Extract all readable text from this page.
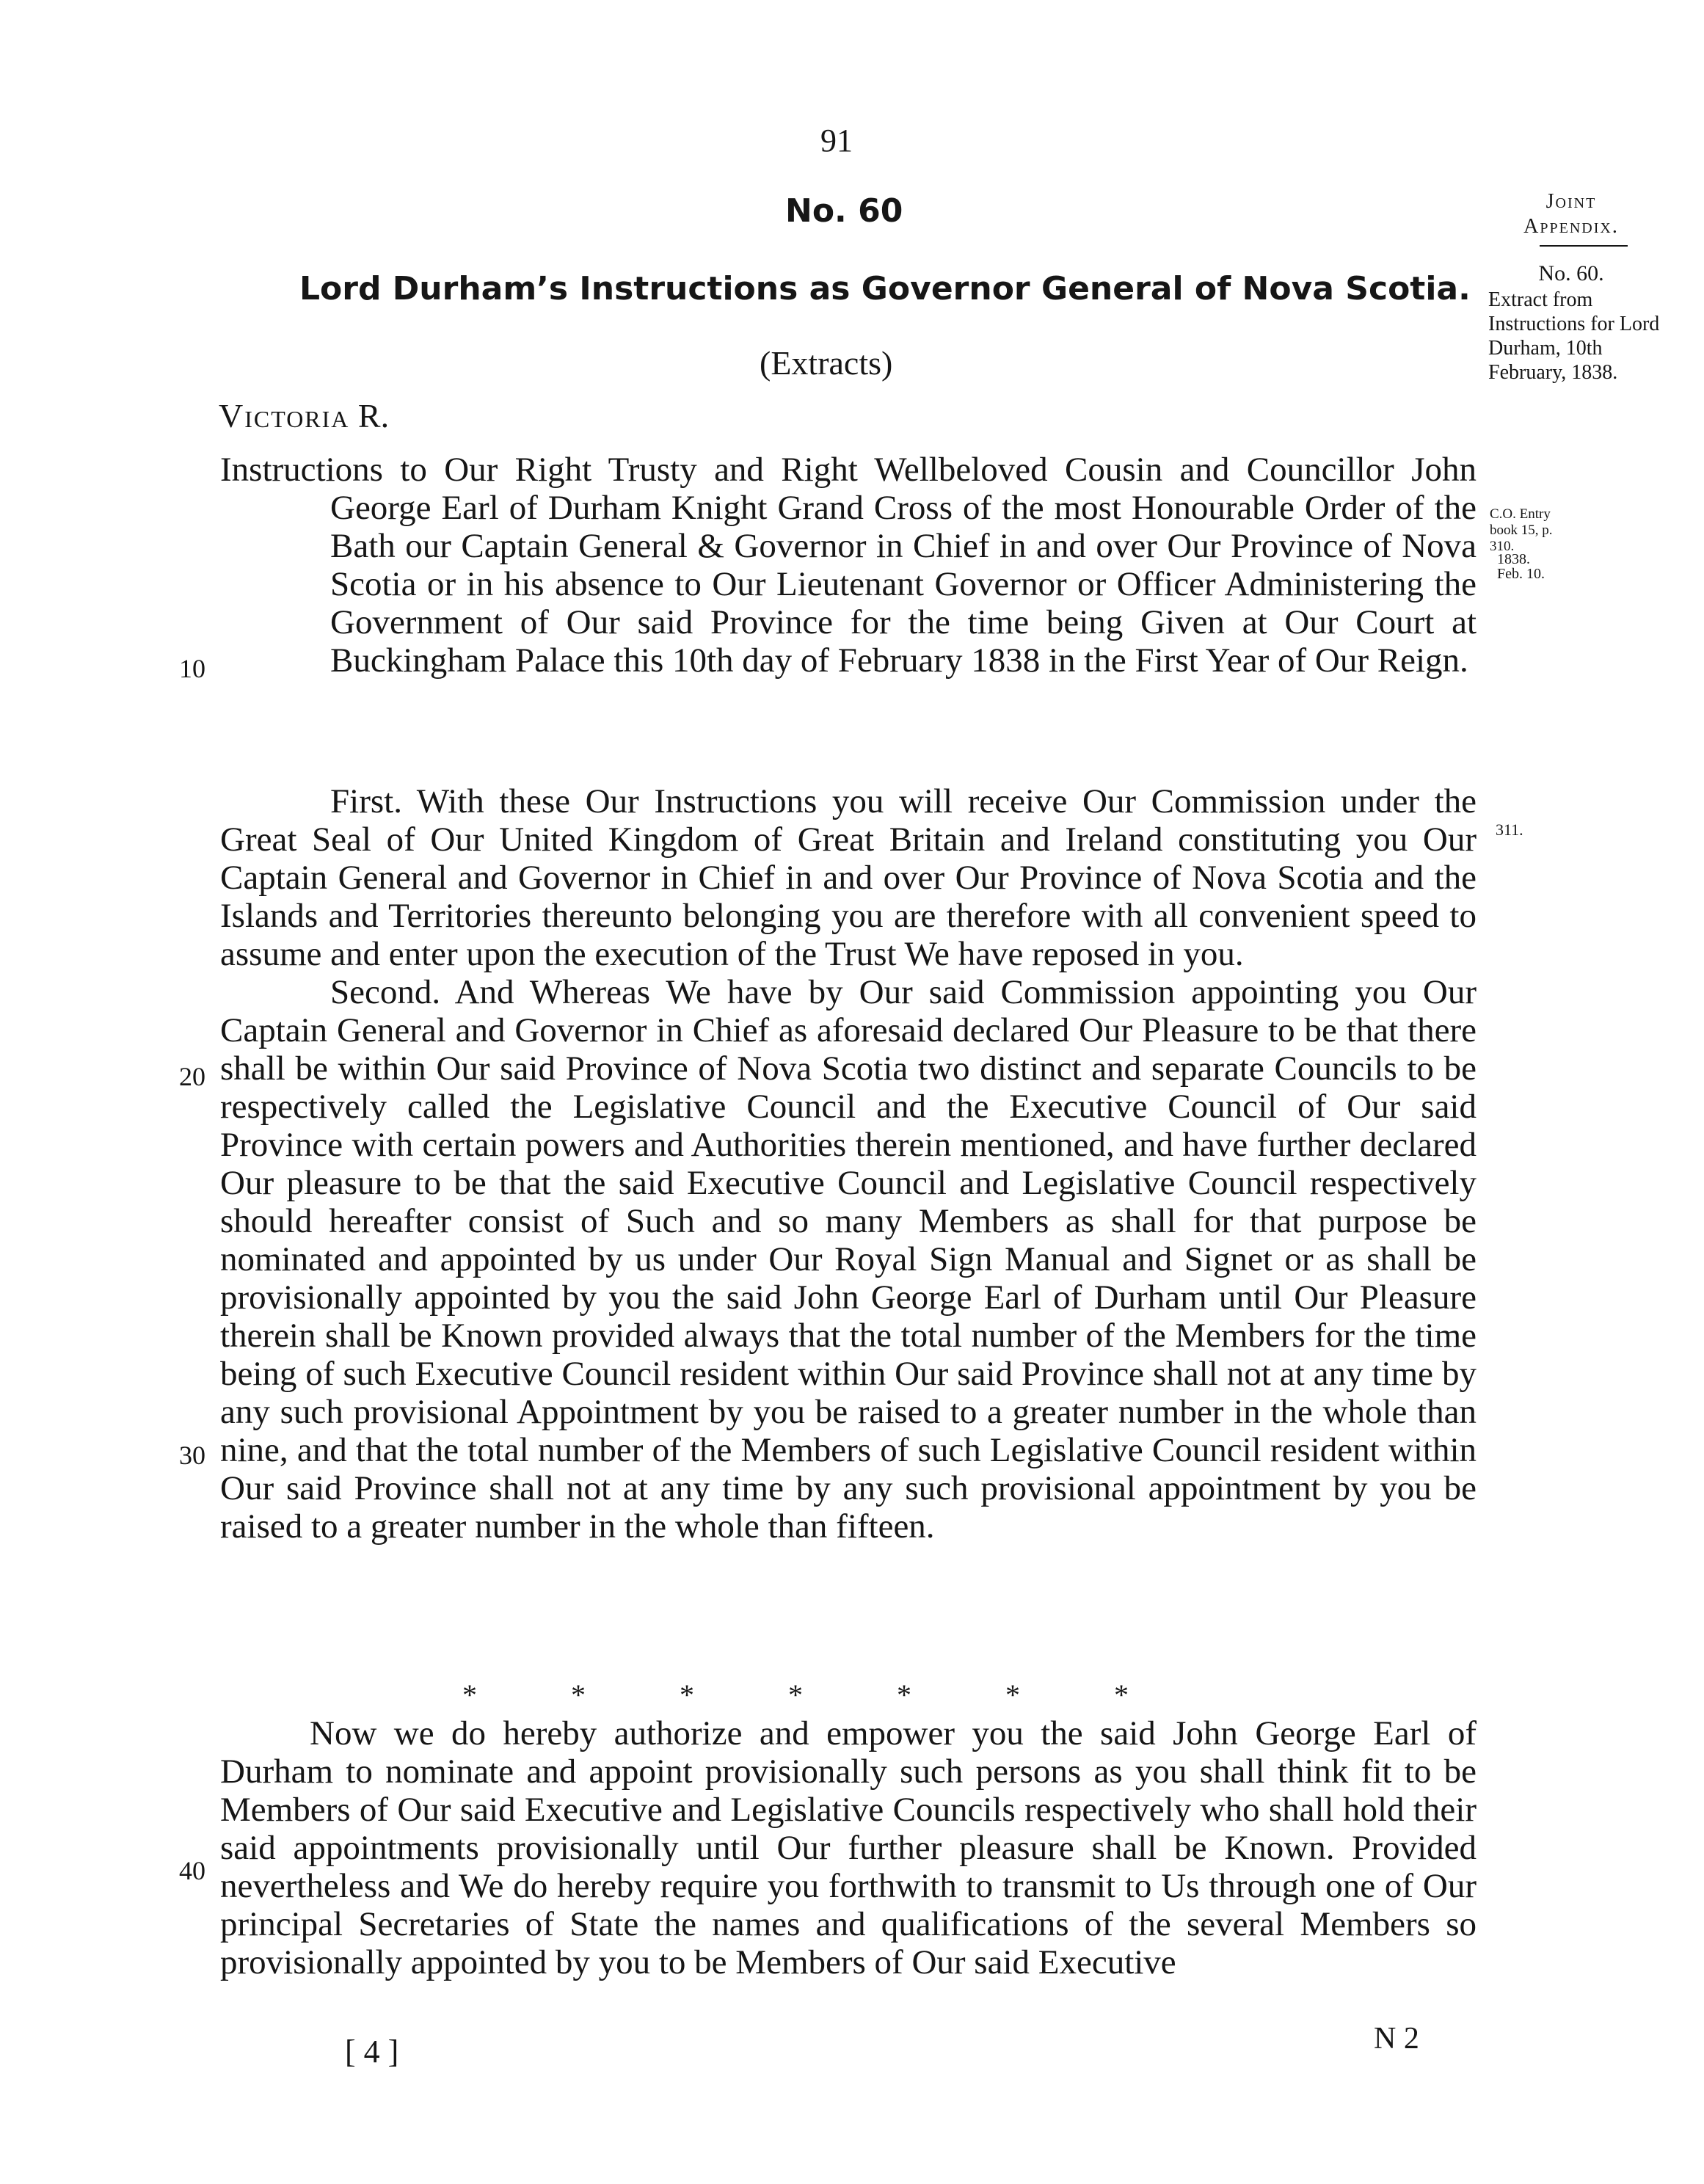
91
No. 60
Lord Durham’s Instructions as Governor General of Nova Scotia.
(Extracts)
Victoria R.

Instructions to Our Right Trusty and Right Wellbeloved Cousin and Councillor John George Earl of Durham Knight Grand Cross of the most Honourable Order of the Bath our Captain General & Governor in Chief in and over Our Province of Nova Scotia or in his absence to Our Lieutenant Governor or Officer Administering the Government of Our said Province for the time being Given at Our Court at Buckingham Palace this 10th day of February 1838 in the First Year of Our Reign.

First. With these Our Instructions you will receive Our Commission under the Great Seal of Our United Kingdom of Great Britain and Ireland constituting you Our Captain General and Governor in Chief in and over Our Province of Nova Scotia and the Islands and Territories thereunto belonging you are therefore with all convenient speed to assume and enter upon the execution of the Trust We have reposed in you.

Second. And Whereas We have by Our said Commission appointing you Our Captain General and Governor in Chief as aforesaid declared Our Pleasure to be that there shall be within Our said Province of Nova Scotia two distinct and separate Councils to be respectively called the Legislative Council and the Executive Council of Our said Province with certain powers and Authorities therein mentioned, and have further declared Our pleasure to be that the said Executive Council and Legislative Council respectively should hereafter consist of Such and so many Members as shall for that purpose be nominated and appointed by us under Our Royal Sign Manual and Signet or as shall be provisionally appointed by you the said John George Earl of Durham until Our Pleasure therein shall be Known provided always that the total number of the Members for the time being of such Executive Council resident within Our said Province shall not at any time by any such provisional Appointment by you be raised to a greater number in the whole than nine, and that the total number of the Members of such Legislative Council resident within Our said Province shall not at any time by any such provisional appointment by you be raised to a greater number in the whole than fifteen.

* * * * * * *

Now we do hereby authorize and empower you the said John George Earl of Durham to nominate and appoint provisionally such persons as you shall think fit to be Members of Our said Executive and Legislative Councils respectively who shall hold their said appointments provisionally until Our further pleasure shall be Known. Provided nevertheless and We do hereby require you forthwith to transmit to Us through one of Our principal Secretaries of State the names and qualifications of the several Members so provisionally appointed by you to be Members of Our said Executive

10
20
30
40
[ 4 ]	N 2
Joint
Appendix.
No. 60.
Extract from Instructions for Lord Durham, 10th February, 1838.
C.O. Entry book 15, p. 310.
1838.
Feb. 10.
311.
